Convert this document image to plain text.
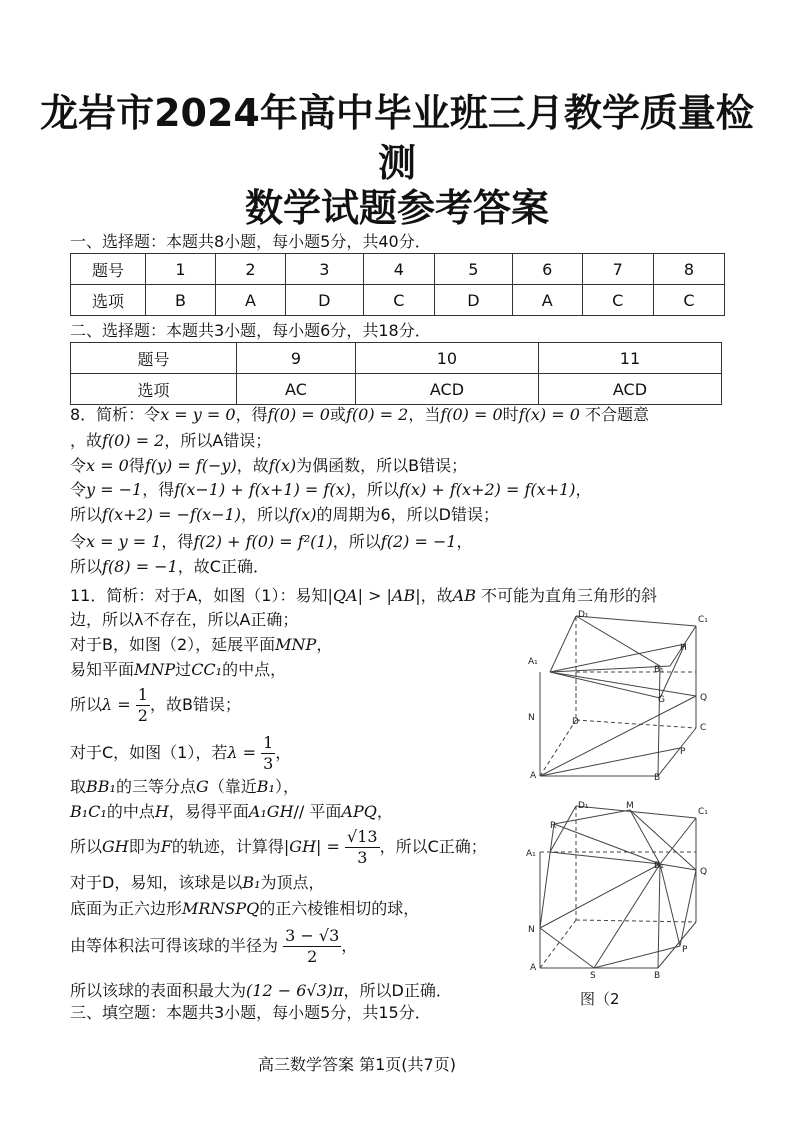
龙岩市2024年高中毕业班三月教学质量检
测
数学试题参考答案
一、选择题：本题共8小题，每小题5分，共40分．
题号	1	2	3	4	5	6	7	8
选项	B	A	D	C	D	A	C	C
二、选择题：本题共3小题，每小题6分，共18分．
题号	9	10	11
选项	AC	ACD	ACD
8．简析：令x = y = 0，得f(0) = 0或f(0) = 2，当f(0) = 0时f(x) = 0 不合题意
，故f(0) = 2，所以A错误；
令x = 0得f(y) = f(−y)，故f(x)为偶函数，所以B错误；
令y = −1，得f(x−1) + f(x+1) = f(x)，所以f(x) + f(x+2) = f(x+1)，
所以f(x+2) = −f(x−1)，所以f(x)的周期为6，所以D错误；
令x = y = 1，得f(2) + f(0) = f²(1)，所以f(2) = −1，
所以f(8) = −1，故C正确．
11．简析：对于A，如图（1）：易知|QA| > |AB|，故AB 不可能为直角三角形的斜
边，所以λ不存在，所以A正确；
对于B，如图（2），延展平面MNP，
易知平面MNP过CC₁的中点，
所以$\lambda = \frac{1}{2}$ ，故B错误；
对于C，如图（1），若$\lambda = \frac{1}{3}$ ，
取BB₁的三等分点G（靠近B₁），
B₁C₁的中点H，易得平面A₁GH// 平面APQ，
所以GH即为F的轨迹，计算得$|GH| = \frac{√13}{3}$ ，所以C正确；
对于D，易知，该球是以B₁为顶点，
底面为正六边形MRNSPQ的正六棱锥相切的球，
由等体积法可得该球的半径为 $\frac{3 - √3}{2}$ ，
所以该球的表面积最大为(12 − 6√3)π，所以D正确．
三、填空题：本题共3小题，每小题5分，共15分．
D₁	C₁
A₁
B₁
H
Q
G
N	D
C
P
A	B
D₁	M
C₁
R
A₁
B₁
Q
N
P
A
S	B
图（2
高三数学答案 第1页(共7页)
